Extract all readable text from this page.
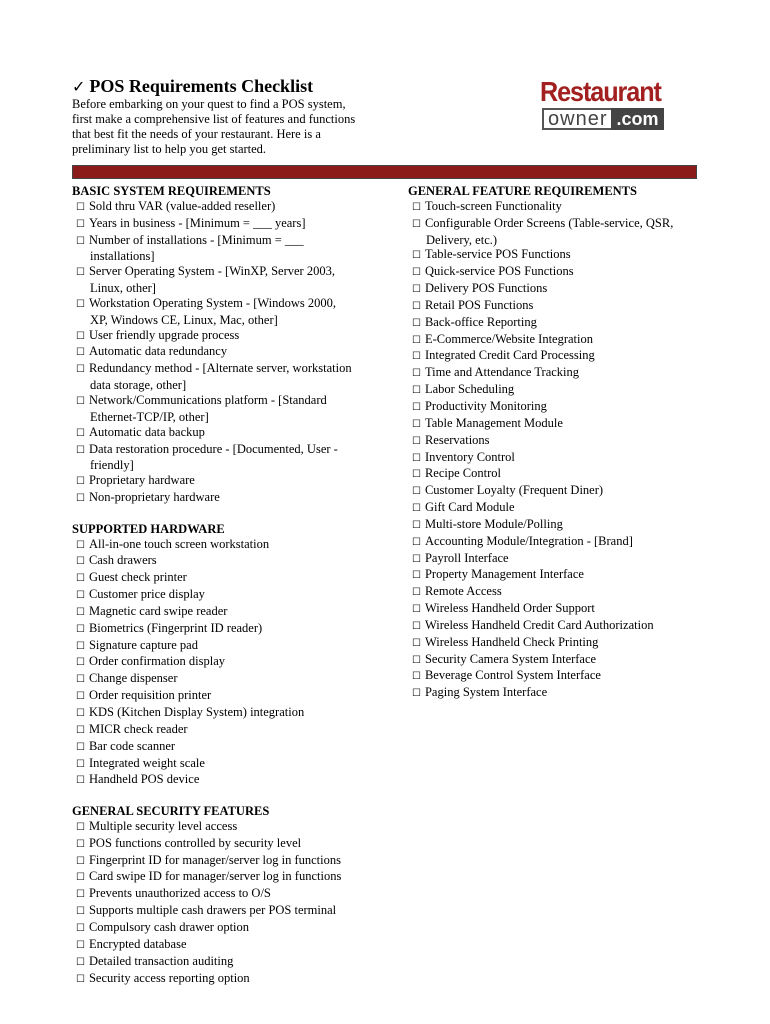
✓ POS Requirements Checklist
Before embarking on your quest to find a POS system,
first make a comprehensive list of features and functions
that best fit the needs of your restaurant. Here is a
preliminary list to help you get started.
Restaurant
owner .com
BASIC SYSTEM REQUIREMENTS
☐ Sold thru VAR (value-added reseller)
☐ Years in business - [Minimum = ___ years]
☐ Number of installations - [Minimum = ___
installations]
☐ Server Operating System - [WinXP, Server 2003,
Linux, other]
☐ Workstation Operating System - [Windows 2000,
XP, Windows CE, Linux, Mac, other]
☐ User friendly upgrade process
☐ Automatic data redundancy
☐ Redundancy method - [Alternate server, workstation
data storage, other]
☐ Network/Communications platform - [Standard
Ethernet-TCP/IP, other]
☐ Automatic data backup
☐ Data restoration procedure - [Documented, User -
friendly]
☐ Proprietary hardware
☐ Non-proprietary hardware
SUPPORTED HARDWARE
☐ All-in-one touch screen workstation
☐ Cash drawers
☐ Guest check printer
☐ Customer price display
☐ Magnetic card swipe reader
☐ Biometrics (Fingerprint ID reader)
☐ Signature capture pad
☐ Order confirmation display
☐ Change dispenser
☐ Order requisition printer
☐ KDS (Kitchen Display System) integration
☐ MICR check reader
☐ Bar code scanner
☐ Integrated weight scale
☐ Handheld POS device
GENERAL SECURITY FEATURES
☐ Multiple security level access
☐ POS functions controlled by security level
☐ Fingerprint ID for manager/server log in functions
☐ Card swipe ID for manager/server log in functions
☐ Prevents unauthorized access to O/S
☐ Supports multiple cash drawers per POS terminal
☐ Compulsory cash drawer option
☐ Encrypted database
☐ Detailed transaction auditing
☐ Security access reporting option
GENERAL FEATURE REQUIREMENTS
☐ Touch-screen Functionality
☐ Configurable Order Screens (Table-service, QSR,
Delivery, etc.)
☐ Table-service POS Functions
☐ Quick-service POS Functions
☐ Delivery POS Functions
☐ Retail POS Functions
☐ Back-office Reporting
☐ E-Commerce/Website Integration
☐ Integrated Credit Card Processing
☐ Time and Attendance Tracking
☐ Labor Scheduling
☐ Productivity Monitoring
☐ Table Management Module
☐ Reservations
☐ Inventory Control
☐ Recipe Control
☐ Customer Loyalty (Frequent Diner)
☐ Gift Card Module
☐ Multi-store Module/Polling
☐ Accounting Module/Integration - [Brand]
☐ Payroll Interface
☐ Property Management Interface
☐ Remote Access
☐ Wireless Handheld Order Support
☐ Wireless Handheld Credit Card Authorization
☐ Wireless Handheld Check Printing
☐ Security Camera System Interface
☐ Beverage Control System Interface
☐ Paging System Interface
